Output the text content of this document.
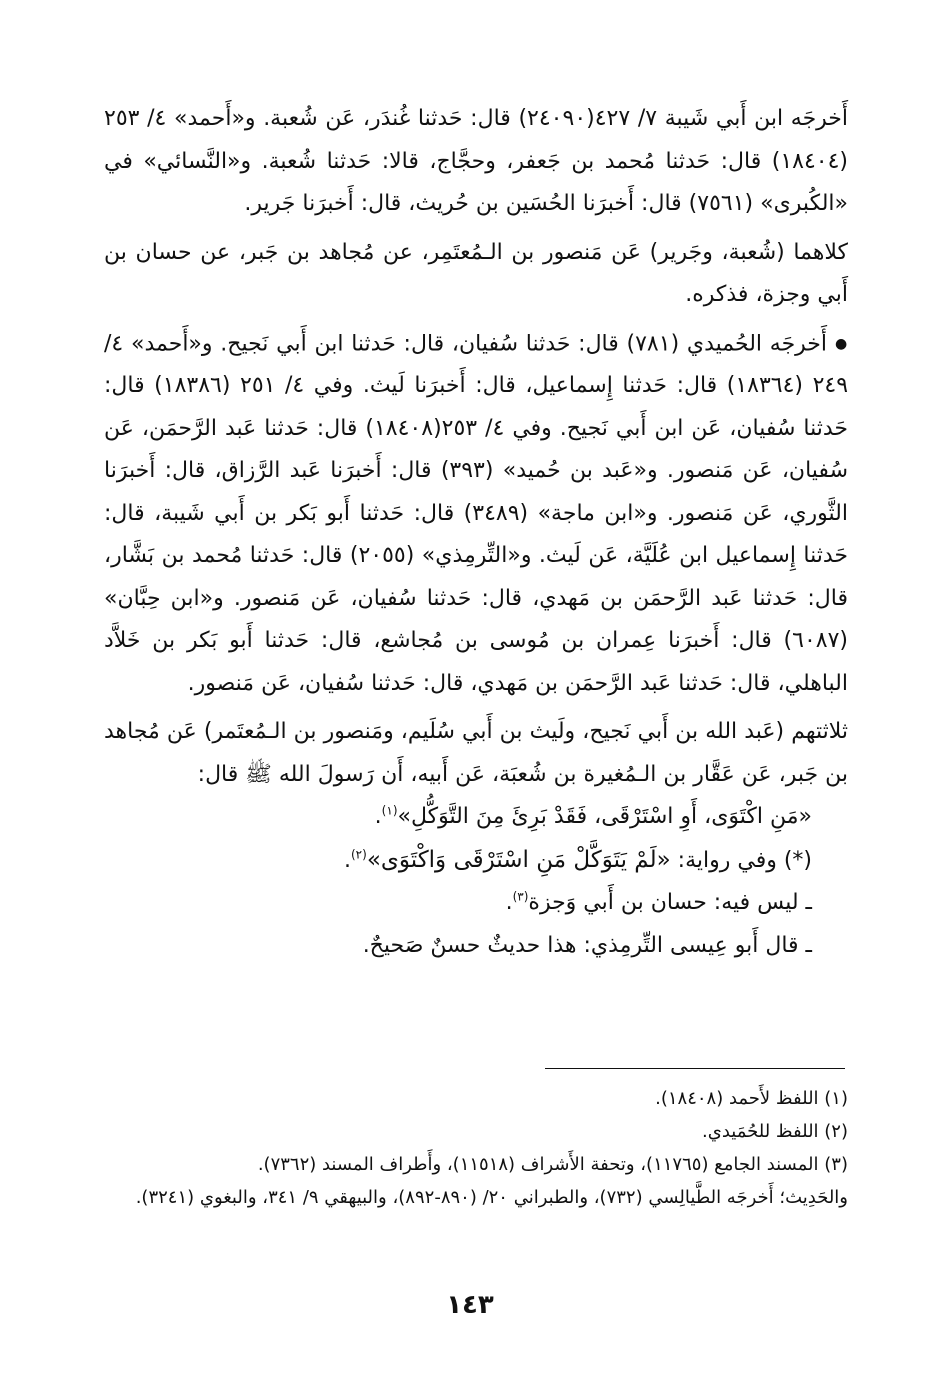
أَخرجَه ابن أَبي شَيبة ٧/ ٤٢٧(٢٤٠٩٠) قال: حَدثنا غُندَر، عَن شُعبة. و«أَحمد» ٤/ ٢٥٣ (١٨٤٠٤) قال: حَدثنا مُحمد بن جَعفر، وحجَّاج، قالا: حَدثنا شُعبة. و«النَّسائي» في «الكُبرى» (٧٥٦١) قال: أَخبرَنا الحُسَين بن حُريث، قال: أَخبرَنا جَرير.

كلاهما (شُعبة، وجَرير) عَن مَنصور بن الـمُعتَمِر، عن مُجاهد بن جَبر، عن حسان بن أَبي وجزة، فذكره.

●أَخرجَه الحُميدي (٧٨١) قال: حَدثنا سُفيان، قال: حَدثنا ابن أَبي نَجيح. و«أَحمد» ٤/ ٢٤٩ (١٨٣٦٤) قال: حَدثنا إِسماعيل، قال: أَخبرَنا لَيث. وفي ٤/ ٢٥١ (١٨٣٨٦) قال: حَدثنا سُفيان، عَن ابن أَبي نَجيح. وفي ٤/ ٢٥٣(١٨٤٠٨) قال: حَدثنا عَبد الرَّحمَن، عَن سُفيان، عَن مَنصور. و«عَبد بن حُميد» (٣٩٣) قال: أَخبرَنا عَبد الرَّزاق، قال: أَخبرَنا الثَّوري، عَن مَنصور. و«ابن ماجة» (٣٤٨٩) قال: حَدثنا أَبو بَكر بن أَبي شَيبة، قال: حَدثنا إِسماعيل ابن عُلَيَّة، عَن لَيث. و«التِّرمِذي» (٢٠٥٥) قال: حَدثنا مُحمد بن بَشَّار، قال: حَدثنا عَبد الرَّحمَن بن مَهدي، قال: حَدثنا سُفيان، عَن مَنصور. و«ابن حِبَّان» (٦٠٨٧) قال: أَخبرَنا عِمران بن مُوسى بن مُجاشع، قال: حَدثنا أَبو بَكر بن خَلاَّد الباهلي، قال: حَدثنا عَبد الرَّحمَن بن مَهدي، قال: حَدثنا سُفيان، عَن مَنصور.

ثلاثتهم (عَبد الله بن أَبي نَجيح، ولَيث بن أَبي سُلَيم، ومَنصور بن الـمُعتَمر) عَن مُجاهد بن جَبر، عَن عَقَّار بن الـمُغيرة بن شُعبَة، عَن أَبيه، أَن رَسولَ الله ﷺ قال:

«مَنِ اكْتَوَى، أَوِ اسْتَرْقَى، فَقَدْ بَرِئَ مِنَ التَّوَكُّلِ»$^{(١)}$.

(*) وفي رواية: «لَمْ يَتَوَكَّلْ مَنِ اسْتَرْقَى وَاكْتَوَى»$^{(٢)}$.

ـ ليس فيه: حسان بن أَبي وَجزة$^{(٣)}$.

ـ قال أَبو عِيسى التِّرمِذي: هذا حديثٌ حسنٌ صَحيحٌ.

(١) اللفظ لأَحمد (١٨٤٠٨).

(٢) اللفظ للحُمَيدي.

(٣) المسند الجامع (١١٧٦٥)، وتحفة الأَشراف (١١٥١٨)، وأَطراف المسند (٧٣٦٢).

والحَدِيث؛ أَخرجَه الطَّيالِسي (٧٣٢)، والطبراني ٢٠/ (٨٩٠-٨٩٢)، والبيهقي ٩/ ٣٤١، والبغوي (٣٢٤١).

١٤٣
